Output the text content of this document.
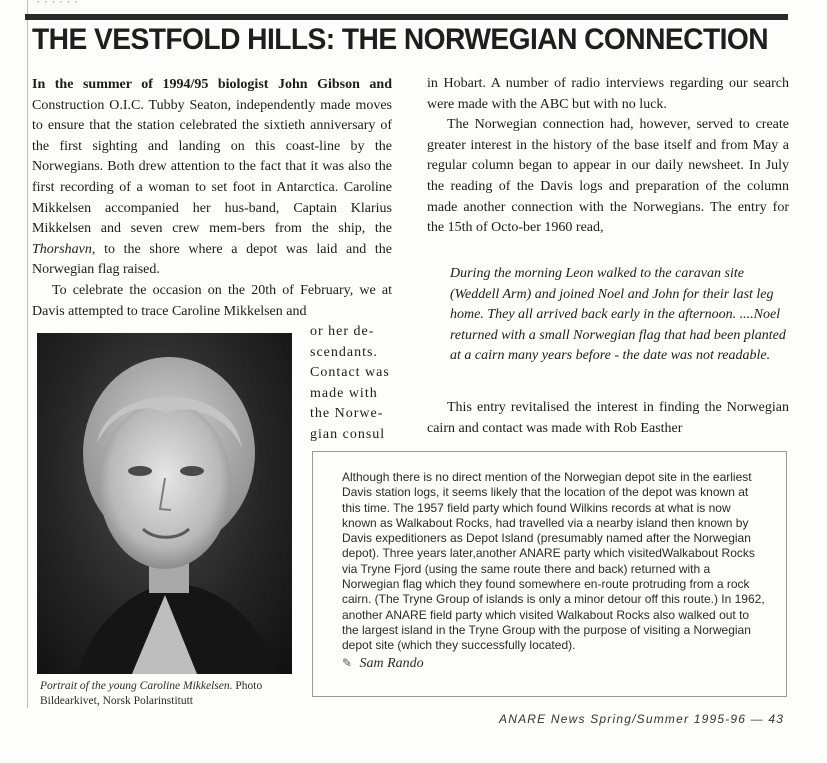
· · · · · ·
THE VESTFOLD HILLS: THE NORWEGIAN CONNECTION

In the summer of 1994/95 biologist John Gibson and Construction O.I.C. Tubby Seaton, independently made moves to ensure that the station celebrated the sixtieth anniversary of the first sighting and landing on this coast-line by the Norwegians. Both drew attention to the fact that it was also the first recording of a woman to set foot in Antarctica. Caroline Mikkelsen accompanied her hus-band, Captain Klarius Mikkelsen and seven crew mem-bers from the ship, the Thorshavn, to the shore where a depot was laid and the Norwegian flag raised.

To celebrate the occasion on the 20th of February, we at Davis attempted to trace Caroline Mikkelsen and

or her de-scendants. Contact was made with the Norwe-gian consul
Portrait of the young Caroline Mikkelsen. Photo Bildearkivet, Norsk Polarinstitutt

in Hobart. A number of radio interviews regarding our search were made with the ABC but with no luck.

The Norwegian connection had, however, served to create greater interest in the history of the base itself and from May a regular column began to appear in our daily newsheet. In July the reading of the Davis logs and preparation of the column made another connection with the Norwegians. The entry for the 15th of Octo-ber 1960 read,

During the morning Leon walked to the caravan site (Weddell Arm) and joined Noel and John for their last leg home. They all arrived back early in the afternoon. ....Noel returned with a small Norwegian flag that had been planted at a cairn many years before - the date was not readable.

This entry revitalised the interest in finding the Norwegian cairn and contact was made with Rob Easther

Although there is no direct mention of the Norwegian depot site in the earliest Davis station logs, it seems likely that the location of the depot was known at this time. The 1957 field party which found Wilkins records at what is now known as Walkabout Rocks, had travelled via a nearby island then known by Davis expeditioners as Depot Island (presumably named after the Norwegian depot). Three years later,another ANARE party which visitedWalkabout Rocks via Tryne Fjord (using the same route there and back) returned with a Norwegian flag which they found somewhere en-route protruding from a rock cairn. (The Tryne Group of islands is only a minor detour off this route.) In 1962, another ANARE field party which visited Walkabout Rocks also walked out to the largest island in the Tryne Group with the purpose of visiting a Norwegian depot site (which they successfully located).

✎ Sam Rando
ANARE News Spring/Summer 1995-96 — 43
